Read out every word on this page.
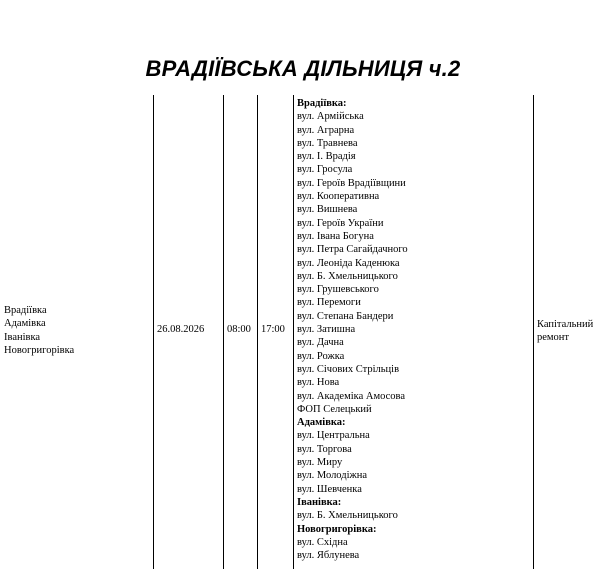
ВРАДІЇВСЬКА ДІЛЬНИЦЯ ч.2
Врадіївка
Адамівка
Іванівка
Новогригорівка
26.08.2026 08:00 17:00	Капітальний
ремонт
Врадіївка:
вул. Армійська
вул. Аграрна
вул. Травнева
вул. І. Врадія
вул. Гросула
вул. Героїв Врадіївщини
вул. Кооперативна
вул. Вишнева
вул. Героїв України
вул. Івана Богуна
вул. Петра Сагайдачного
вул. Леоніда Каденюка
вул. Б. Хмельницького
вул. Грушевського
вул. Перемоги
вул. Степана Бандери
вул. Затишна
вул. Дачна
вул. Рожка
вул. Січових Стрільців
вул. Нова
вул. Академіка Амосова
ФОП Селецький
Адамівка:
вул. Центральна
вул. Торгова
вул. Миру
вул. Молодіжна
вул. Шевченка
Іванівка:
вул. Б. Хмельницького
Новогригорівка:
вул. Східна
вул. Яблунева
